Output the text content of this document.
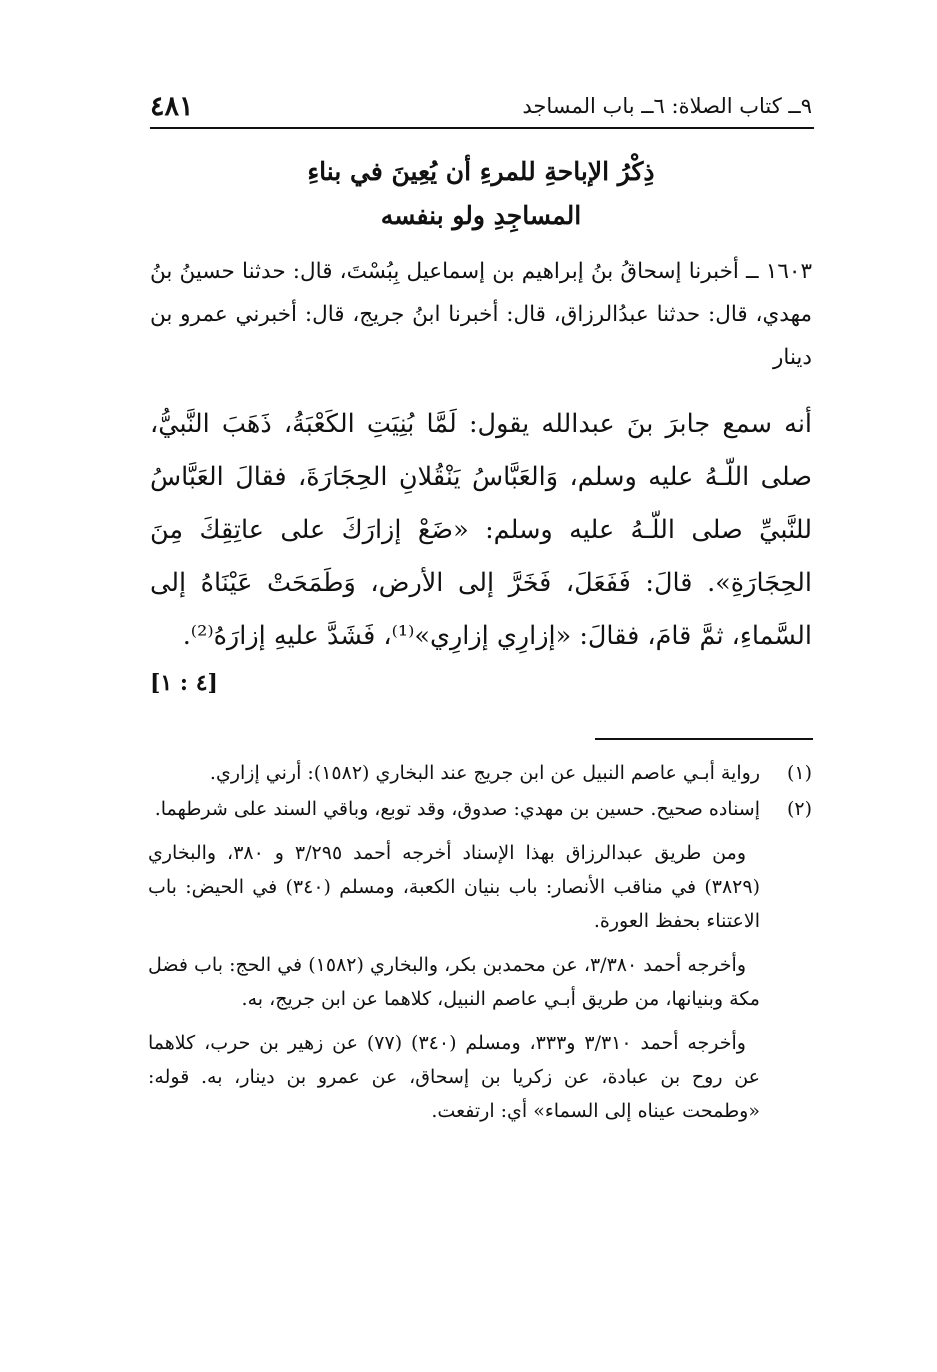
٩ــ كتاب الصلاة: ٦ــ باب المساجد
٤٨١
ذِكْرُ الإباحةِ للمرءِ أن يُعِينَ في بناءِ
المساجِدِ ولو بنفسه
١٦٠٣ ــ أخبرنا إسحاقُ بنُ إبراهيم بن إسماعيل بِبُسْتَ، قال: حدثنا حسينُ بنُ مهدي، قال: حدثنا عبدُالرزاق، قال: أخبرنا ابنُ جريج، قال: أخبرني عمرو بن دينار
أنه سمع جابرَ بنَ عبدالله يقول: لَمَّا بُنِيَتِ الكَعْبَةُ، ذَهَبَ النَّبيُّ، صلى اللّـهُ عليه وسلم، وَالعَبَّاسُ يَنْقُلانِ الحِجَارَةَ، فقالَ العَبَّاسُ للنَّبيِّ صلى اللّـهُ عليه وسلم: «ضَعْ إزارَكَ على عاتِقِكَ مِنَ الحِجَارَةِ». قالَ: فَفَعَلَ، فَخَرَّ إلى الأرض، وَطَمَحَتْ عَيْنَاهُ إلى السَّماءِ، ثمَّ قامَ، فقالَ: «إزارِي إزارِي»⁽¹⁾، فَشَدَّ عليهِ إزارَهُ⁽²⁾.
[٤ : ١]
(١)
رواية أبـي عاصم النبيل عن ابن جريج عند البخاري (١٥٨٢): أرني إزاري.
(٢)
إسناده صحيح. حسين بن مهدي: صدوق، وقد توبع، وباقي السند على شرطهما.
ومن طريق عبدالرزاق بهذا الإسناد أخرجه أحمد ٣/٢٩٥ و ٣٨٠، والبخاري (٣٨٢٩) في مناقب الأنصار: باب بنيان الكعبة، ومسلم (٣٤٠) في الحيض: باب الاعتناء بحفظ العورة.
وأخرجه أحمد ٣/٣٨٠، عن محمدبن بكر، والبخاري (١٥٨٢) في الحج: باب فضل مكة وبنيانها، من طريق أبـي عاصم النبيل، كلاهما عن ابن جريج، به.
وأخرجه أحمد ٣/٣١٠ و٣٣٣، ومسلم (٣٤٠) (٧٧) عن زهير بن حرب، كلاهما عن روح بن عبادة، عن زكريا بن إسحاق، عن عمرو بن دينار، به. قوله: «وطمحت عيناه إلى السماء» أي: ارتفعت.
